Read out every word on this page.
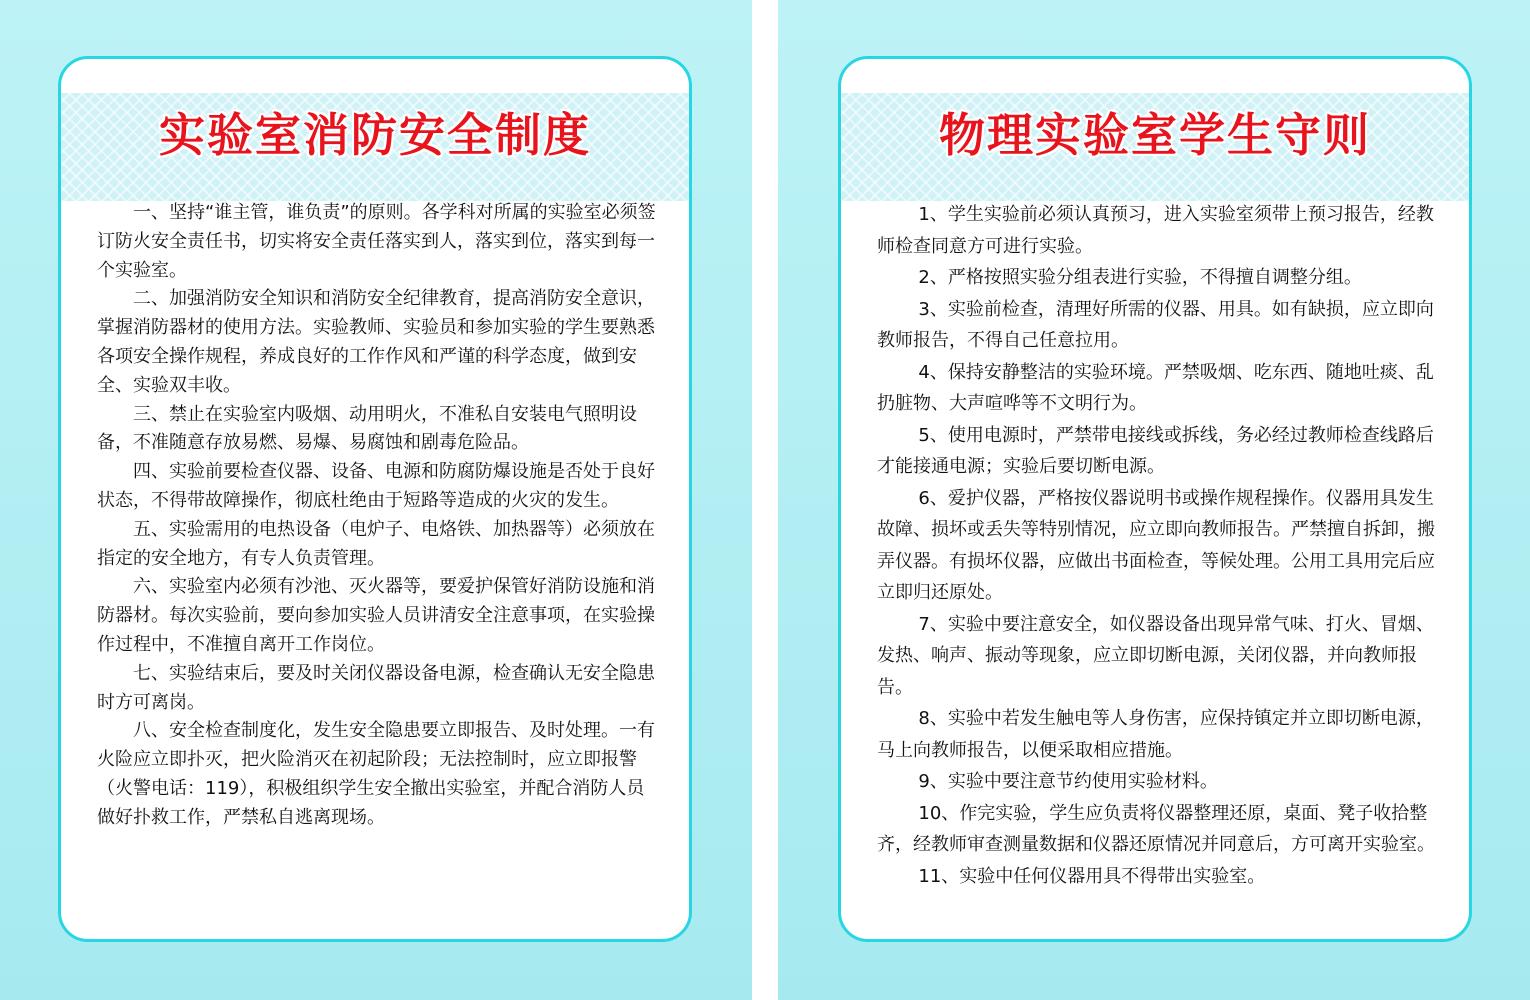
实验室消防安全制度

一、坚持“谁主管，谁负责”的原则。各学科对所属的实验室必须签订防火安全责任书，切实将安全责任落实到人，落实到位，落实到每一个实验室。

二、加强消防安全知识和消防安全纪律教育，提高消防安全意识，掌握消防器材的使用方法。实验教师、实验员和参加实验的学生要熟悉各项安全操作规程，养成良好的工作作风和严谨的科学态度，做到安全、实验双丰收。

三、禁止在实验室内吸烟、动用明火，不准私自安装电气照明设备，不准随意存放易燃、易爆、易腐蚀和剧毒危险品。

四、实验前要检查仪器、设备、电源和防腐防爆设施是否处于良好状态，不得带故障操作，彻底杜绝由于短路等造成的火灾的发生。

五、实验需用的电热设备（电炉子、电烙铁、加热器等）必须放在指定的安全地方，有专人负责管理。

六、实验室内必须有沙池、灭火器等，要爱护保管好消防设施和消防器材。每次实验前，要向参加实验人员讲清安全注意事项，在实验操作过程中，不准擅自离开工作岗位。

七、实验结束后，要及时关闭仪器设备电源，检查确认无安全隐患时方可离岗。

八、安全检查制度化，发生安全隐患要立即报告、及时处理。一有火险应立即扑灭，把火险消灭在初起阶段；无法控制时，应立即报警（火警电话：119），积极组织学生安全撤出实验室，并配合消防人员做好扑救工作，严禁私自逃离现场。

物理实验室学生守则

1、学生实验前必须认真预习，进入实验室须带上预习报告，经教师检查同意方可进行实验。

2、严格按照实验分组表进行实验，不得擅自调整分组。

3、实验前检查，清理好所需的仪器、用具。如有缺损，应立即向教师报告，不得自己任意拉用。

4、保持安静整洁的实验环境。严禁吸烟、吃东西、随地吐痰、乱扔脏物、大声喧哗等不文明行为。

5、使用电源时，严禁带电接线或拆线，务必经过教师检查线路后才能接通电源；实验后要切断电源。

6、爱护仪器，严格按仪器说明书或操作规程操作。仪器用具发生故障、损坏或丢失等特别情况，应立即向教师报告。严禁擅自拆卸，搬弄仪器。有损坏仪器，应做出书面检查，等候处理。公用工具用完后应立即归还原处。

7、实验中要注意安全，如仪器设备出现异常气味、打火、冒烟、发热、响声、振动等现象，应立即切断电源，关闭仪器，并向教师报告。

8、实验中若发生触电等人身伤害，应保持镇定并立即切断电源，马上向教师报告，以便采取相应措施。

9、实验中要注意节约使用实验材料。

10、作完实验，学生应负责将仪器整理还原，桌面、凳子收拾整齐，经教师审查测量数据和仪器还原情况并同意后，方可离开实验室。

11、实验中任何仪器用具不得带出实验室。
